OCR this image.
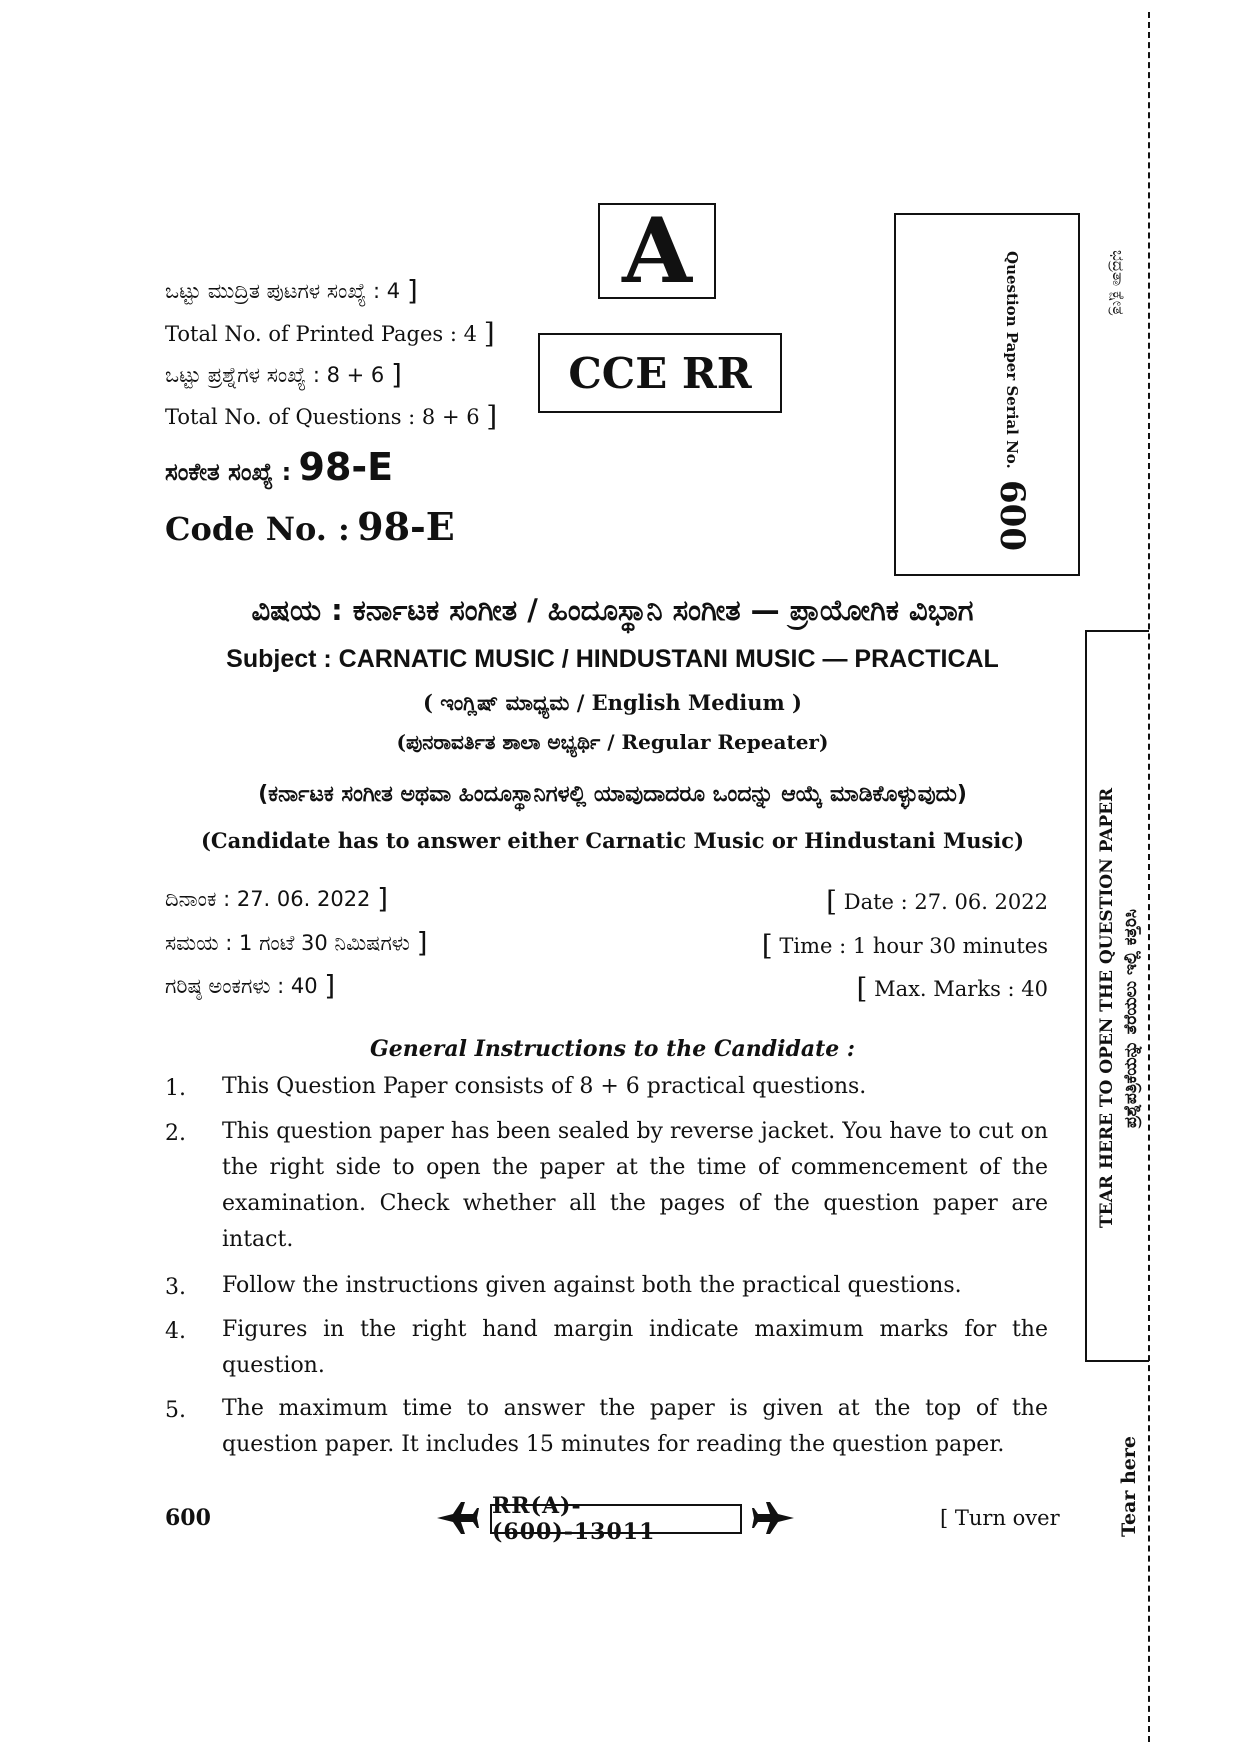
A
CCE RR	Question Paper Serial No. 600
ಭದ್ರತಾ ಕ್ಷೇತ್ರ
ಒಟ್ಟು ಮುದ್ರಿತ ಪುಟಗಳ ಸಂಖ್ಯೆ : 4 ]
Total No. of Printed Pages : 4 ]
ಒಟ್ಟು ಪ್ರಶ್ನೆಗಳ ಸಂಖ್ಯೆ : 8 + 6 ]
Total No. of Questions : 8 + 6 ]
ಸಂಕೇತ ಸಂಖ್ಯೆ : 98-E
Code No. : 98-E
ವಿಷಯ : ಕರ್ನಾಟಕ ಸಂಗೀತ / ಹಿಂದೂಸ್ಥಾನಿ ಸಂಗೀತ — ಪ್ರಾಯೋಗಿಕ ವಿಭಾಗ
Subject : CARNATIC MUSIC / HINDUSTANI MUSIC — PRACTICAL
( ಇಂಗ್ಲಿಷ್ ಮಾಧ್ಯಮ / English Medium )
(ಪುನರಾವರ್ತಿತ ಶಾಲಾ ಅಭ್ಯರ್ಥಿ / Regular Repeater)
(ಕರ್ನಾಟಕ ಸಂಗೀತ ಅಥವಾ ಹಿಂದೂಸ್ಥಾನಿಗಳಲ್ಲಿ ಯಾವುದಾದರೂ ಒಂದನ್ನು ಆಯ್ಕೆ ಮಾಡಿಕೊಳ್ಳುವುದು)
(Candidate has to answer either Carnatic Music or Hindustani Music)
ದಿನಾಂಕ : 27. 06. 2022 ]	[ Date : 27. 06. 2022
ಸಮಯ : 1 ಗಂಟೆ 30 ನಿಮಿಷಗಳು ]	[ Time : 1 hour 30 minutes
ಗರಿಷ್ಠ ಅಂಕಗಳು : 40 ]	[ Max. Marks : 40
General Instructions to the Candidate :
1. This Question Paper consists of 8 + 6 practical questions.
2. This question paper has been sealed by reverse jacket. You have to cut on the right side to open the paper at the time of commencement of the examination. Check whether all the pages of the question paper are intact.
3. Follow the instructions given against both the practical questions.
4. Figures in the right hand margin indicate maximum marks for the question.
5. The maximum time to answer the paper is given at the top of the question paper. It includes 15 minutes for reading the question paper.
TEAR HERE TO OPEN THE QUESTION PAPER ಪ್ರಶ್ನೆಪತ್ರಿಕೆಯನ್ನು ತೆರೆಯಲು ಇಲ್ಲಿ ಕತ್ತರಿಸಿ
Tear here
600	RR(A)-(600)-13011
[ Turn over
